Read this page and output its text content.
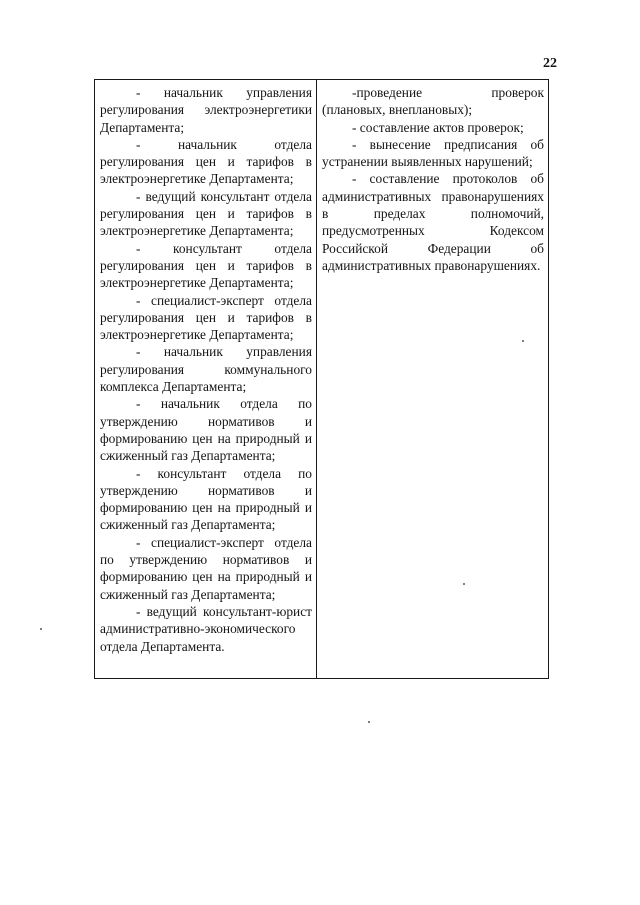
22

- начальник управления регулирования электроэнергетики Департамента;

- начальник отдела регулирования цен и тарифов в электроэнергетике Департамента;

- ведущий консультант отдела регулирования цен и тарифов в электроэнергетике Департамента;

- консультант отдела регулирования цен и тарифов в электроэнергетике Департамента;

- специалист-эксперт отдела регулирования цен и тарифов в электроэнергетике Департамента;

- начальник управления регулирования коммунального комплекса Департамента;

- начальник отдела по утверждению нормативов и формированию цен на природный и сжиженный газ Департамента;

- консультант отдела по утверждению нормативов и формированию цен на природный и сжиженный газ Департамента;

- специалист-эксперт отдела по утверждению нормативов и формированию цен на природный и сжиженный газ Департамента;

- ведущий консультант-юрист административно-экономического отдела Департамента.

-проведение проверок (плановых, внеплановых);

- составление актов проверок;

- вынесение предписания об устранении выявленных нарушений;

- составление протоколов об административных правонарушениях в пределах полномочий, предусмотренных Кодексом Российской Федерации об административных правонарушениях.
